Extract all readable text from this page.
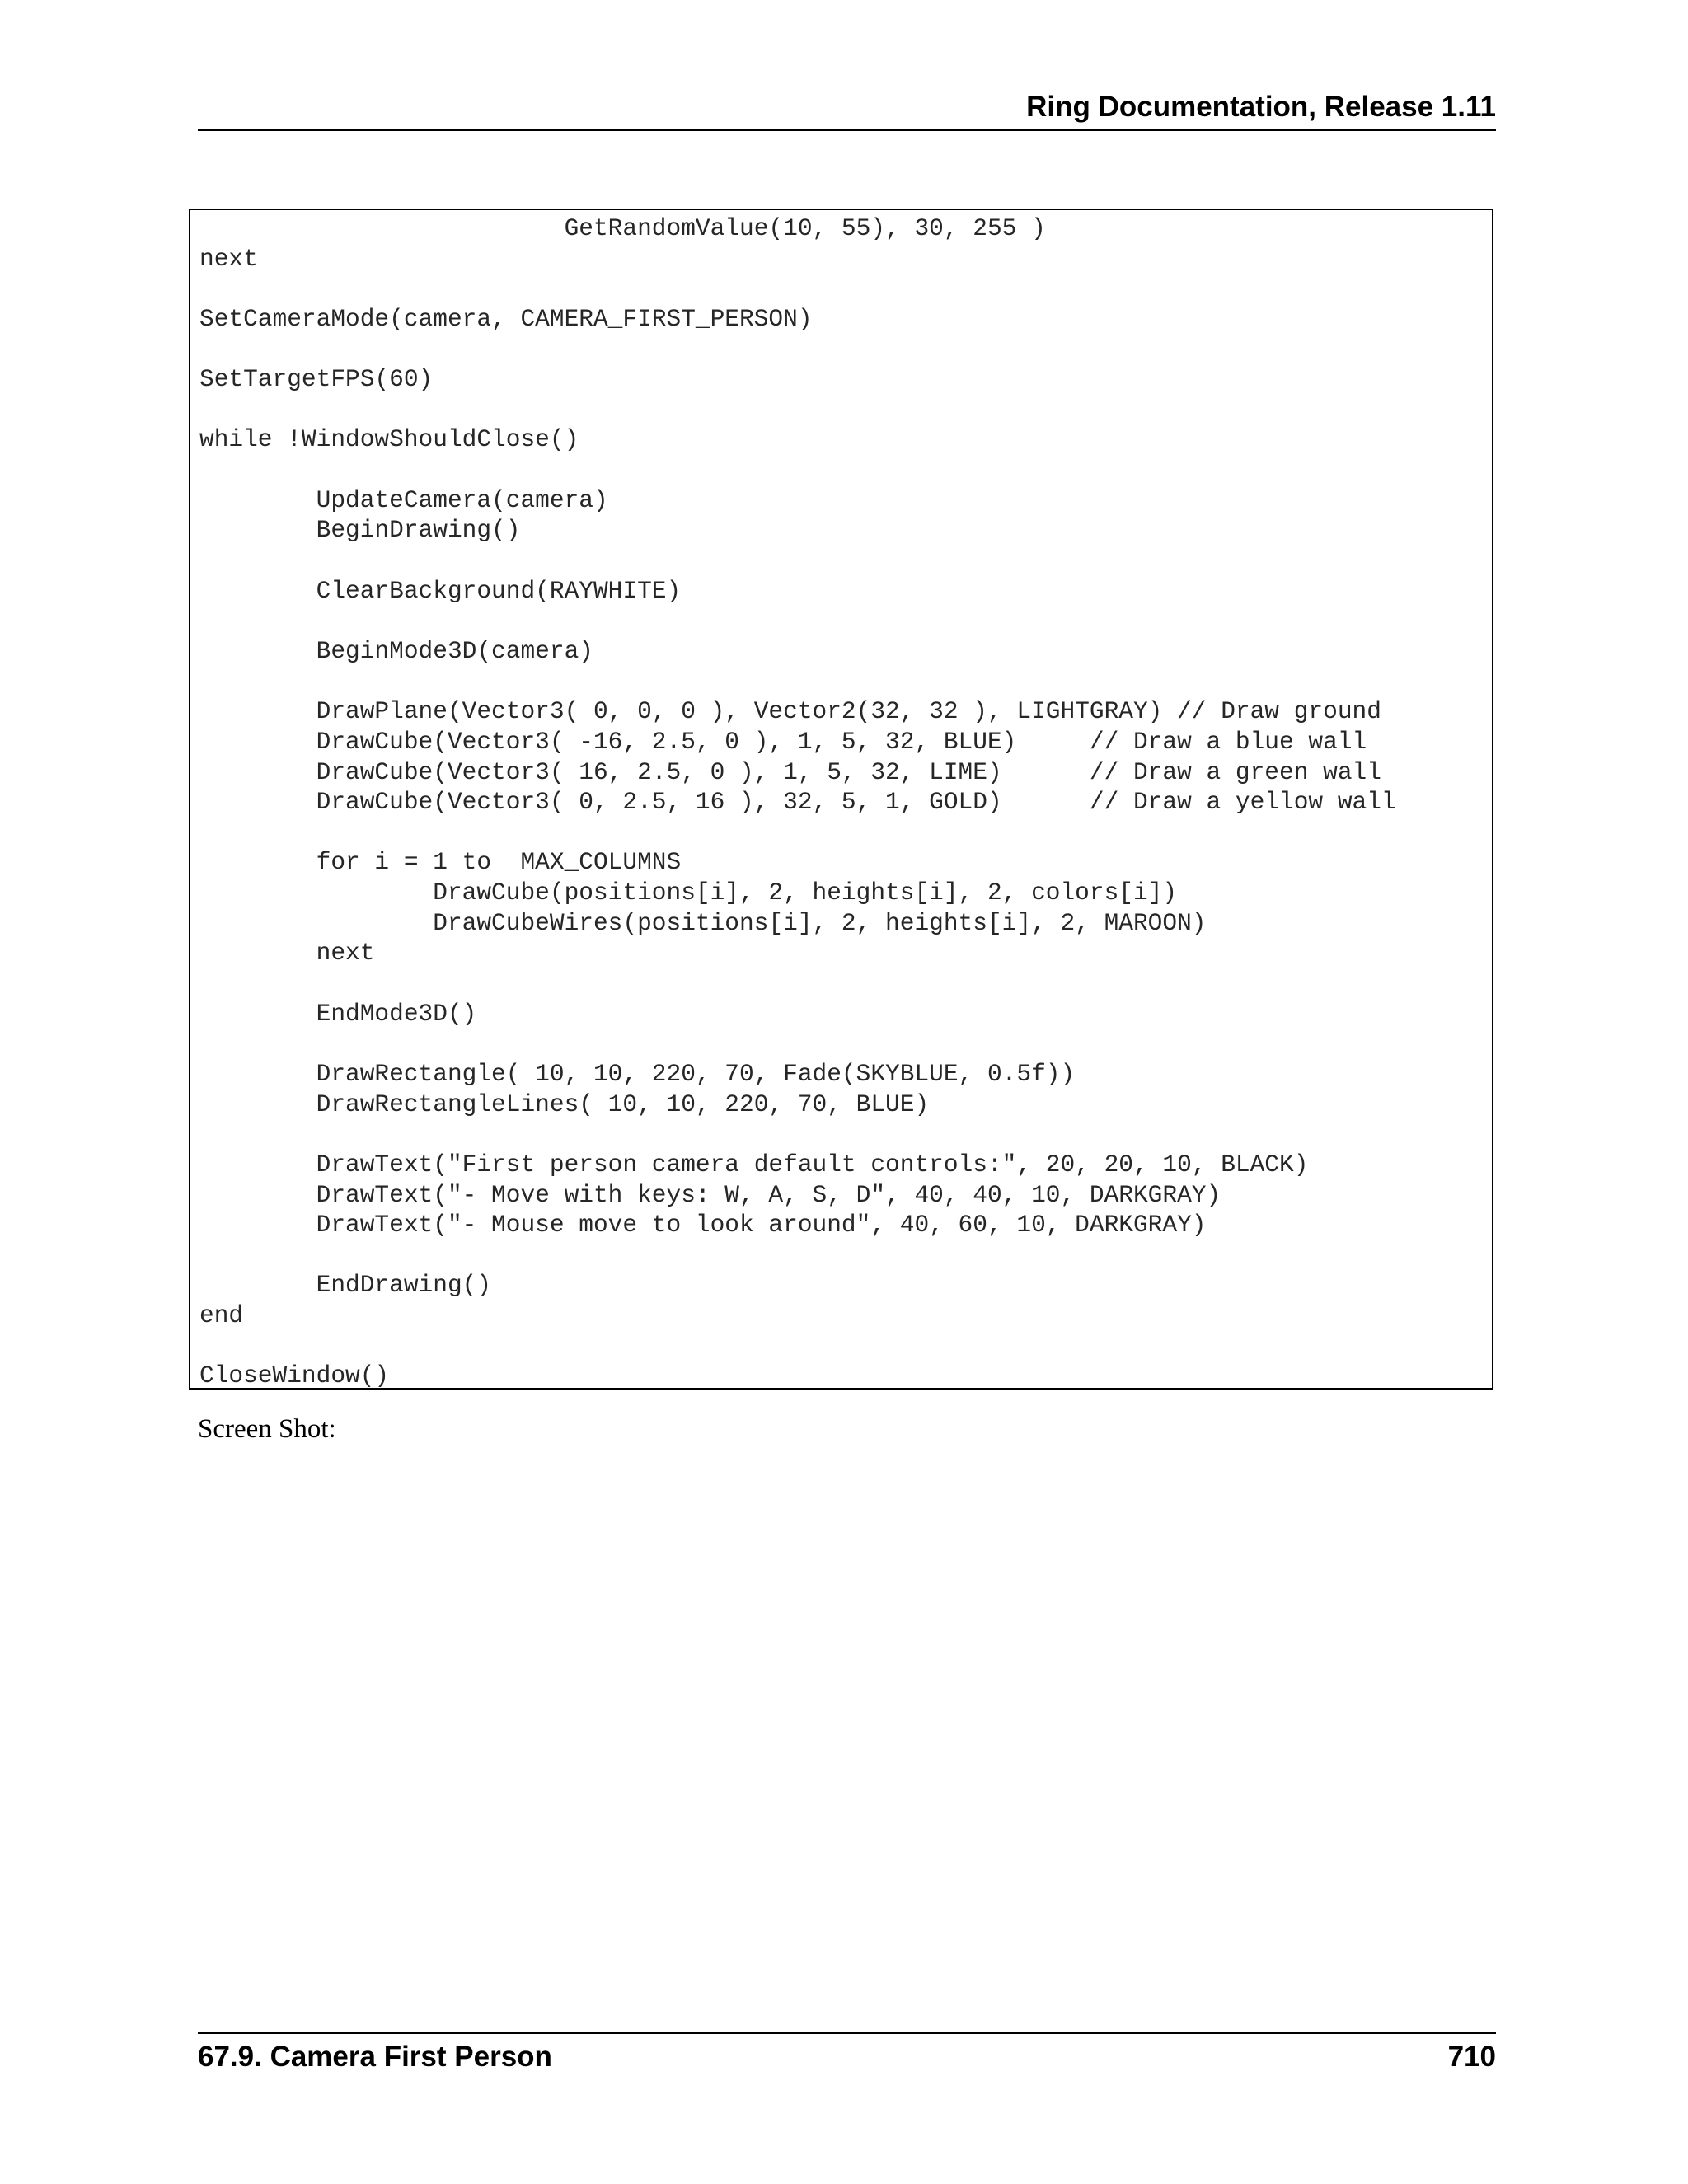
Ring Documentation, Release 1.11
GetRandomValue(10, 55), 30, 255 )
next
SetCameraMode(camera, CAMERA_FIRST_PERSON)
SetTargetFPS(60)
while !WindowShouldClose()
UpdateCamera(camera)
BeginDrawing()
ClearBackground(RAYWHITE)
BeginMode3D(camera)
DrawPlane(Vector3( 0, 0, 0 ), Vector2(32, 32 ), LIGHTGRAY) // Draw ground
DrawCube(Vector3( -16, 2.5, 0 ), 1, 5, 32, BLUE)     // Draw a blue wall
DrawCube(Vector3( 16, 2.5, 0 ), 1, 5, 32, LIME)      // Draw a green wall
DrawCube(Vector3( 0, 2.5, 16 ), 32, 5, 1, GOLD)      // Draw a yellow wall
for i = 1 to  MAX_COLUMNS
DrawCube(positions[i], 2, heights[i], 2, colors[i])
DrawCubeWires(positions[i], 2, heights[i], 2, MAROON)
next
EndMode3D()
DrawRectangle( 10, 10, 220, 70, Fade(SKYBLUE, 0.5f))
DrawRectangleLines( 10, 10, 220, 70, BLUE)
DrawText("First person camera default controls:", 20, 20, 10, BLACK)
DrawText("- Move with keys: W, A, S, D", 40, 40, 10, DARKGRAY)
DrawText("- Mouse move to look around", 40, 60, 10, DARKGRAY)
EndDrawing()
end
CloseWindow()
Screen Shot:
67.9. Camera First Person	710
